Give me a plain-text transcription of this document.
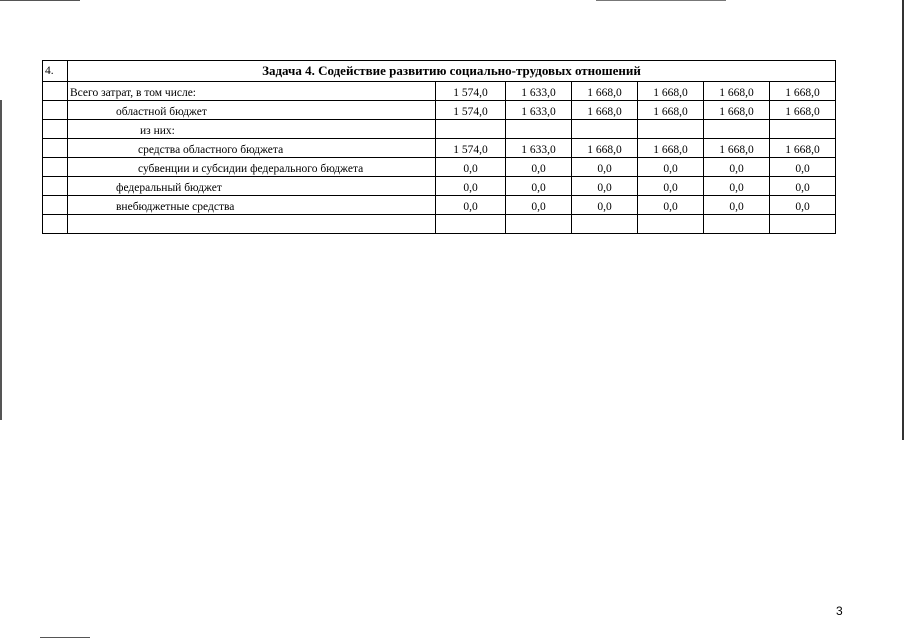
4.	Задача 4. Содействие развитию социально-трудовых отношений						
	Всего затрат, в том числе:	1 574,0	1 633,0	1 668,0	1 668,0	1 668,0	1 668,0
	областной бюджет	1 574,0	1 633,0	1 668,0	1 668,0	1 668,0	1 668,0
	из них:						
	средства областного бюджета	1 574,0	1 633,0	1 668,0	1 668,0	1 668,0	1 668,0
	субвенции и субсидии федерального бюджета	0,0	0,0	0,0	0,0	0,0	0,0
	федеральный бюджет	0,0	0,0	0,0	0,0	0,0	0,0
	внебюджетные средства	0,0	0,0	0,0	0,0	0,0	0,0

3
